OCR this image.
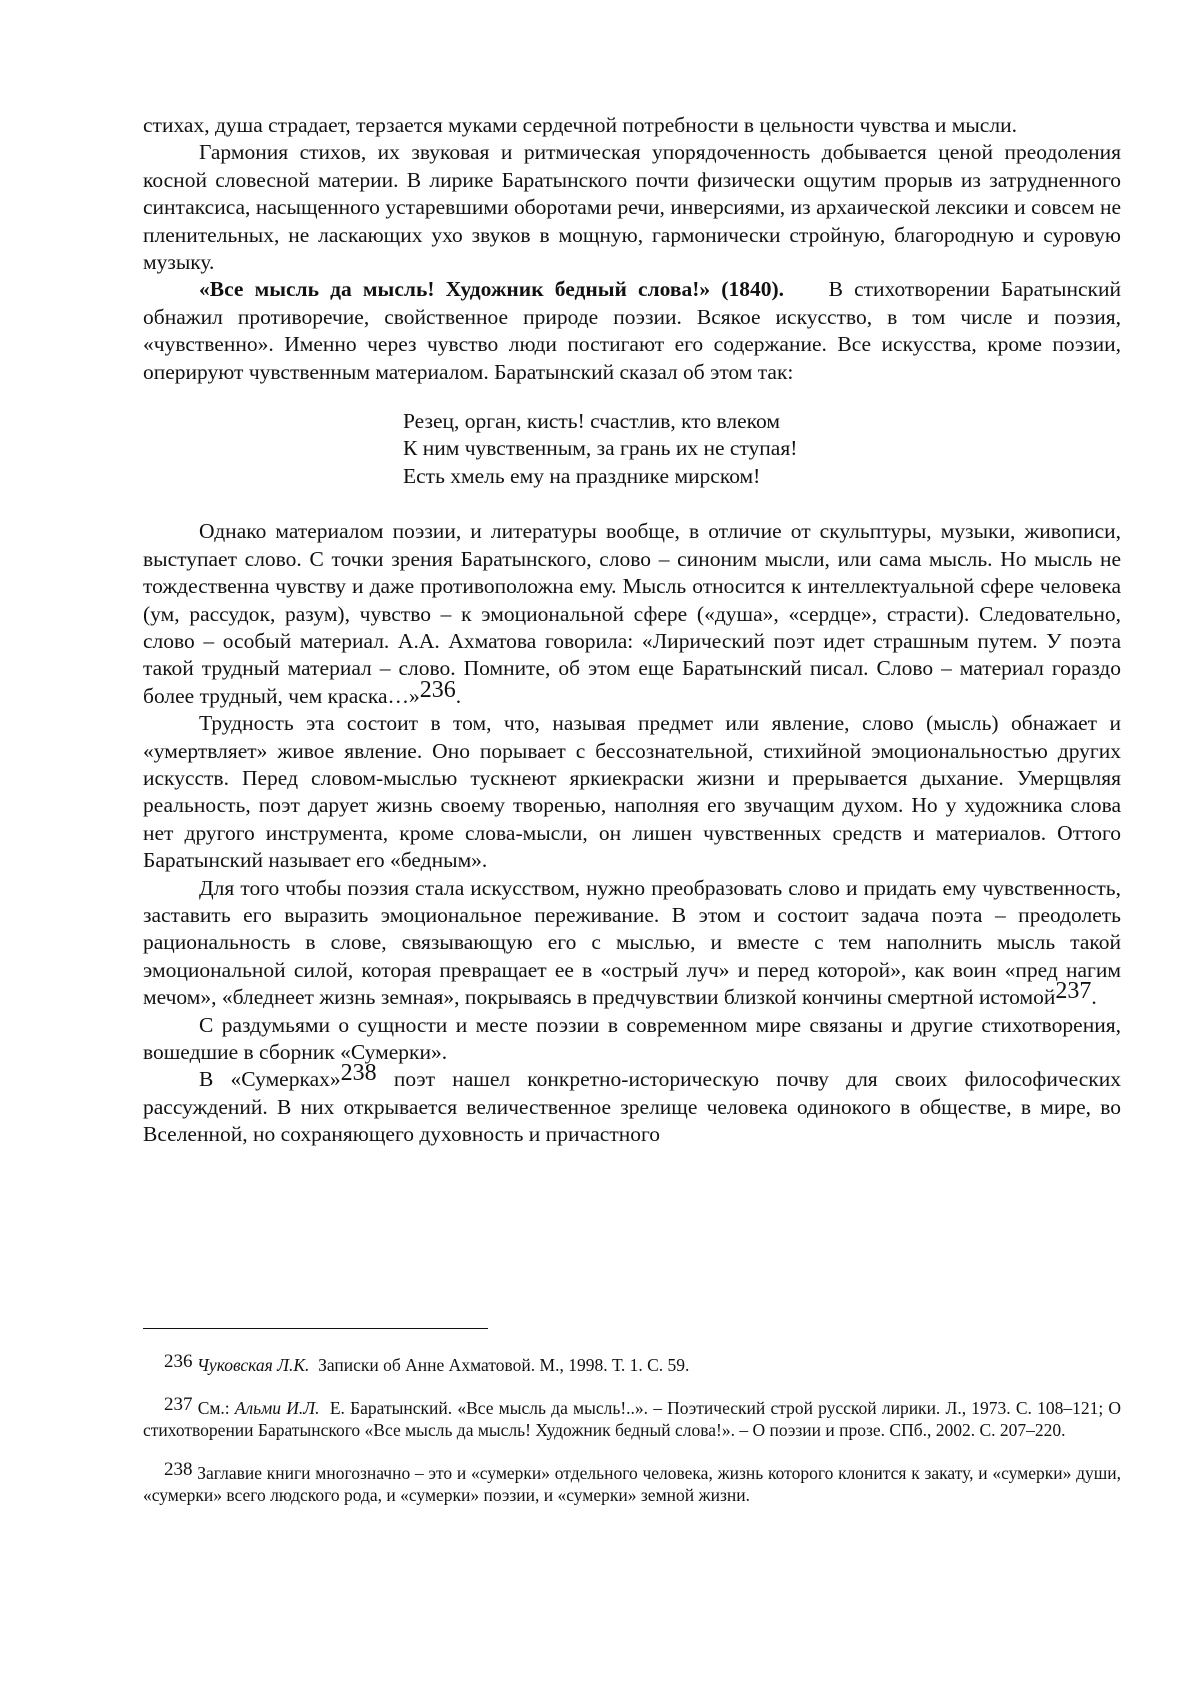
стихах, душа страдает, терзается муками сердечной потребности в цельности чувства и мысли.

Гармония стихов, их звуковая и ритмическая упорядоченность добывается ценой преодоления косной словесной материи. В лирике Баратынского почти физически ощутим прорыв из затрудненного синтаксиса, насыщенного устаревшими оборотами речи, инверсиями, из архаической лексики и совсем не пленительных, не ласкающих ухо звуков в мощную, гармонически стройную, благородную и суровую музыку.

«Все мысль да мысль! Художник бедный слова!» (1840). В стихотворении Баратынский обнажил противоречие, свойственное природе поэзии. Всякое искусство, в том числе и поэзия, «чувственно». Именно через чувство люди постигают его содержание. Все искусства, кроме поэзии, оперируют чувственным материалом. Баратынский сказал об этом так:

Резец, орган, кисть! счастлив, кто влеком
К ним чувственным, за грань их не ступая!
Есть хмель ему на празднике мирском!

Однако материалом поэзии, и литературы вообще, в отличие от скульптуры, музыки, живописи, выступает слово. С точки зрения Баратынского, слово – синоним мысли, или сама мысль. Но мысль не тождественна чувству и даже противоположна ему. Мысль относится к интеллектуальной сфере человека (ум, рассудок, разум), чувство – к эмоциональной сфере («душа», «сердце», страсти). Следовательно, слово – особый материал. А.А. Ахматова говорила: «Лирический поэт идет страшным путем. У поэта такой трудный материал – слово. Помните, об этом еще Баратынский писал. Слово – материал гораздо более трудный, чем краска…»236.

Трудность эта состоит в том, что, называя предмет или явление, слово (мысль) обнажает и «умертвляет» живое явление. Оно порывает с бессознательной, стихийной эмоциональностью других искусств. Перед словом-мыслью тускнеют яркиекраски жизни и прерывается дыхание. Умерщвляя реальность, поэт дарует жизнь своему творенью, наполняя его звучащим духом. Но у художника слова нет другого инструмента, кроме слова-мысли, он лишен чувственных средств и материалов. Оттого Баратынский называет его «бедным».

Для того чтобы поэзия стала искусством, нужно преобразовать слово и придать ему чувственность, заставить его выразить эмоциональное переживание. В этом и состоит задача поэта – преодолеть рациональность в слове, связывающую его с мыслью, и вместе с тем наполнить мысль такой эмоциональной силой, которая превращает ее в «острый луч» и перед которой», как воин «пред нагим мечом», «бледнеет жизнь земная», покрываясь в предчувствии близкой кончины смертной истомой237.

С раздумьями о сущности и месте поэзии в современном мире связаны и другие стихотворения, вошедшие в сборник «Сумерки».

В «Сумерках»238 поэт нашел конкретно-историческую почву для своих философических рассуждений. В них открывается величественное зрелище человека одинокого в обществе, в мире, во Вселенной, но сохраняющего духовность и причастного

236 Чуковская Л.К. Записки об Анне Ахматовой. М., 1998. Т. 1. С. 59.

237 См.: Альми И.Л. Е. Баратынский. «Все мысль да мысль!..». – Поэтический строй русской лирики. Л., 1973. С. 108–121; О стихотворении Баратынского «Все мысль да мысль! Художник бедный слова!». – О поэзии и прозе. СПб., 2002. С. 207–220.

238 Заглавие книги многозначно – это и «сумерки» отдельного человека, жизнь которого клонится к закату, и «сумерки» души, «сумерки» всего людского рода, и «сумерки» поэзии, и «сумерки» земной жизни.
